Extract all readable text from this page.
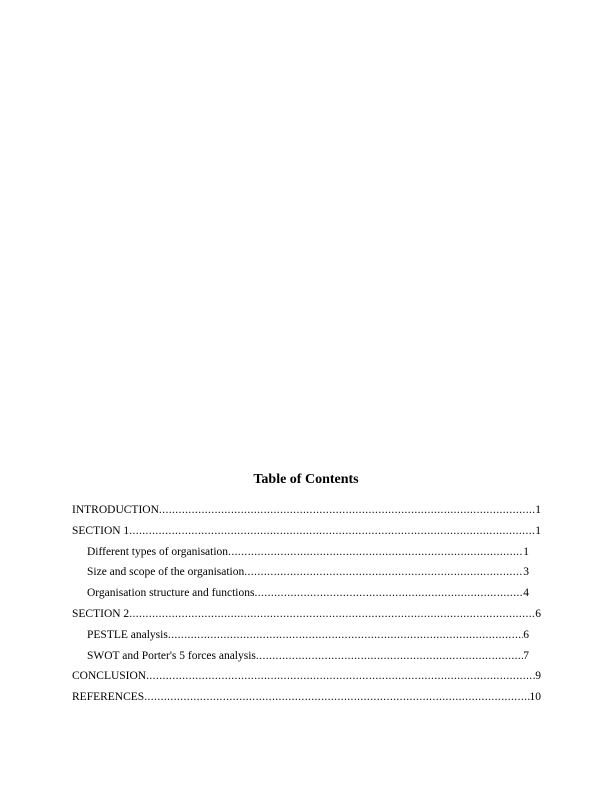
Table of Contents
INTRODUCTION .....	1
SECTION 1 .....	1
Different types of organisation .....	1
Size and scope of the organisation .....	3
Organisation structure and functions .....	4
SECTION 2 .....	6
PESTLE analysis .....	6
SWOT and Porter's 5 forces analysis .....	7
CONCLUSION .....	9
REFERENCES .....	10
